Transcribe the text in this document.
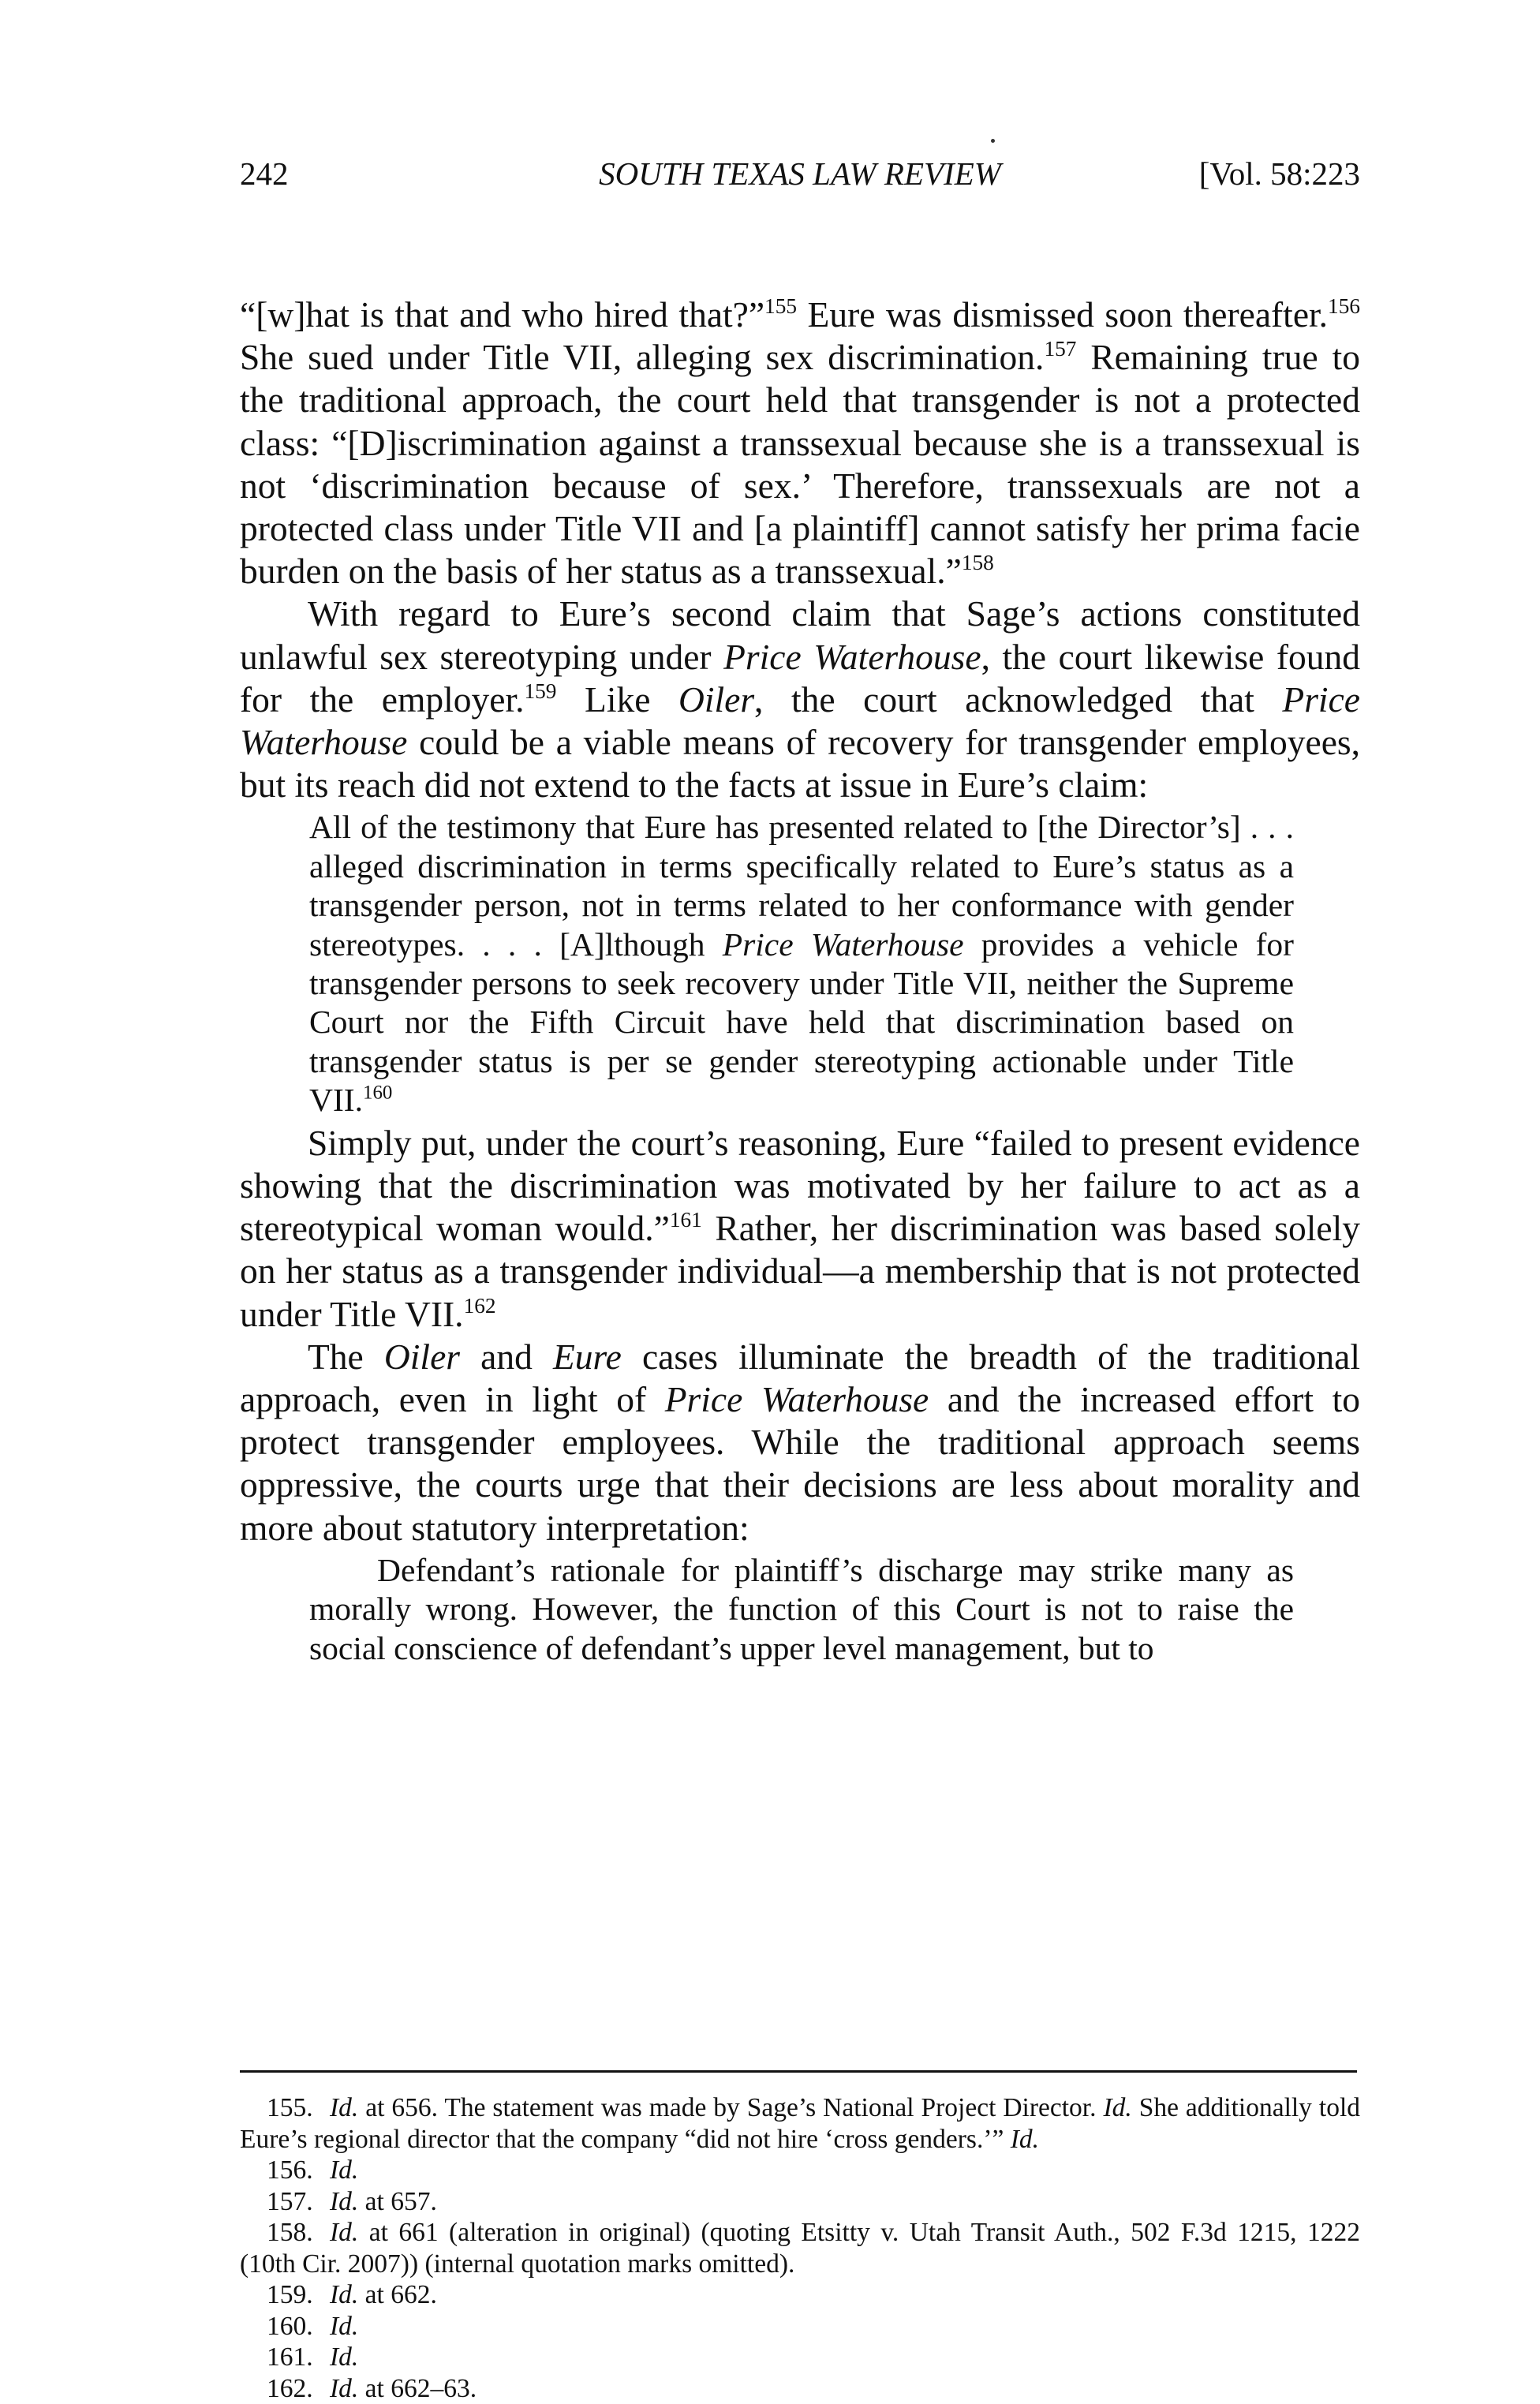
242	SOUTH TEXAS LAW REVIEW	[Vol. 58:223

“[w]hat is that and who hired that?”$^{155}$ Eure was dismissed soon thereafter.$^{156}$ She sued under Title VII, alleging sex discrimination.$^{157}$ Remaining true to the traditional approach, the court held that transgender is not a protected class: “[D]iscrimination against a transsexual because she is a transsexual is not ‘discrimination because of sex.’ Therefore, transsexuals are not a protected class under Title VII and [a plaintiff] cannot satisfy her prima facie burden on the basis of her status as a transsexual.”$^{158}$

With regard to Eure’s second claim that Sage’s actions constituted unlawful sex stereotyping under Price Waterhouse, the court likewise found for the employer.$^{159}$ Like Oiler, the court acknowledged that Price Waterhouse could be a viable means of recovery for transgender employees, but its reach did not extend to the facts at issue in Eure’s claim:

All of the testimony that Eure has presented related to [the Director’s] . . . alleged discrimination in terms specifically related to Eure’s status as a transgender person, not in terms related to her conformance with gender stereotypes. . . . [A]lthough Price Waterhouse provides a vehicle for transgender persons to seek recovery under Title VII, neither the Supreme Court nor the Fifth Circuit have held that discrimination based on transgender status is per se gender stereotyping actionable under Title VII.$^{160}$

Simply put, under the court’s reasoning, Eure “failed to present evidence showing that the discrimination was motivated by her failure to act as a stereotypical woman would.”$^{161}$ Rather, her discrimination was based solely on her status as a transgender individual—a membership that is not protected under Title VII.$^{162}$

The Oiler and Eure cases illuminate the breadth of the traditional approach, even in light of Price Waterhouse and the increased effort to protect transgender employees. While the traditional approach seems oppressive, the courts urge that their decisions are less about morality and more about statutory interpretation:

Defendant’s rationale for plaintiff’s discharge may strike many as morally wrong. However, the function of this Court is not to raise the social conscience of defendant’s upper level management, but to

155. Id. at 656. The statement was made by Sage’s National Project Director. Id. She additionally told Eure’s regional director that the company “did not hire ‘cross genders.’” Id.

156. Id.

157. Id. at 657.

158. Id. at 661 (alteration in original) (quoting Etsitty v. Utah Transit Auth., 502 F.3d 1215, 1222 (10th Cir. 2007)) (internal quotation marks omitted).

159. Id. at 662.

160. Id.

161. Id.

162. Id. at 662–63.
